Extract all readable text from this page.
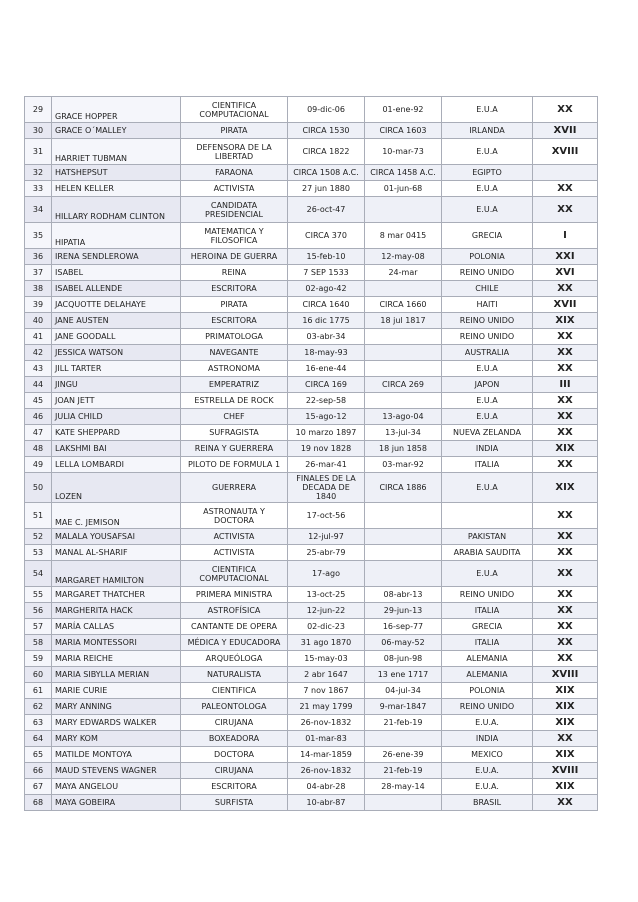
29	GRACE HOPPER	CIENTIFICA COMPUTACIONAL	09-dic-06	01-ene-92	E.U.A	XX
30	GRACE O´MALLEY	PIRATA	CIRCA 1530	CIRCA 1603	IRLANDA	XVII
31	HARRIET TUBMAN	DEFENSORA DE LA LIBERTAD	CIRCA 1822	10-mar-73	E.U.A	XVIII
32	HATSHEPSUT	FARAONA	CIRCA 1508 A.C.	CIRCA 1458 A.C.	EGIPTO	
33	HELEN KELLER	ACTIVISTA	27 jun 1880	01-jun-68	E.U.A	XX
34	HILLARY RODHAM CLINTON	CANDIDATA PRESIDENCIAL	26-oct-47		E.U.A	XX
35	HIPATIA	MATEMATICA Y FILOSOFICA	CIRCA 370	8 mar 0415	GRECIA	I
36	IRENA SENDLEROWA	HEROINA DE GUERRA	15-feb-10	12-may-08	POLONIA	XXI
37	ISABEL	REINA	7 SEP 1533	24-mar	REINO UNIDO	XVI
38	ISABEL ALLENDE	ESCRITORA	02-ago-42		CHILE	XX
39	JACQUOTTE DELAHAYE	PIRATA	CIRCA 1640	CIRCA 1660	HAITI	XVII
40	JANE AUSTEN	ESCRITORA	16 dic 1775	18 jul 1817	REINO UNIDO	XIX
41	JANE GOODALL	PRIMATOLOGA	03-abr-34		REINO UNIDO	XX
42	JESSICA WATSON	NAVEGANTE	18-may-93		AUSTRALIA	XX
43	JILL TARTER	ASTRONOMA	16-ene-44		E.U.A	XX
44	JINGU	EMPERATRIZ	CIRCA 169	CIRCA 269	JAPON	III
45	JOAN JETT	ESTRELLA DE ROCK	22-sep-58		E.U.A	XX
46	JULIA CHILD	CHEF	15-ago-12	13-ago-04	E.U.A	XX
47	KATE SHEPPARD	SUFRAGISTA	10 marzo 1897	13-jul-34	NUEVA ZELANDA	XX
48	LAKSHMI BAI	REINA Y GUERRERA	19 nov 1828	18 jun 1858	INDIA	XIX
49	LELLA LOMBARDI	PILOTO DE FORMULA 1	26-mar-41	03-mar-92	ITALIA	XX
50	LOZEN	GUERRERA	FINALES DE LA DECADA DE 1840	CIRCA 1886	E.U.A	XIX
51	MAE C. JEMISON	ASTRONAUTA Y DOCTORA	17-oct-56			XX
52	MALALA YOUSAFSAI	ACTIVISTA	12-jul-97		PAKISTAN	XX
53	MANAL AL-SHARIF	ACTIVISTA	25-abr-79		ARABIA SAUDITA	XX
54	MARGARET HAMILTON	CIENTIFICA COMPUTACIONAL	17-ago		E.U.A	XX
55	MARGARET THATCHER	PRIMERA MINISTRA	13-oct-25	08-abr-13	REINO UNIDO	XX
56	MARGHERITA HACK	ASTROFÍSICA	12-jun-22	29-jun-13	ITALIA	XX
57	MARÍA CALLAS	CANTANTE DE OPERA	02-dic-23	16-sep-77	GRECIA	XX
58	MARIA MONTESSORI	MÉDICA Y EDUCADORA	31 ago 1870	06-may-52	ITALIA	XX
59	MARIA REICHE	ARQUEÓLOGA	15-may-03	08-jun-98	ALEMANIA	XX
60	MARIA SIBYLLA MERIAN	NATURALISTA	2 abr 1647	13 ene 1717	ALEMANIA	XVIII
61	MARIE CURIE	CIENTIFICA	7 nov 1867	04-jul-34	POLONIA	XIX
62	MARY ANNING	PALEONTOLOGA	21 may 1799	9-mar-1847	REINO UNIDO	XIX
63	MARY EDWARDS WALKER	CIRUJANA	26-nov-1832	21-feb-19	E.U.A.	XIX
64	MARY KOM	BOXEADORA	01-mar-83		INDIA	XX
65	MATILDE MONTOYA	DOCTORA	14-mar-1859	26-ene-39	MEXICO	XIX
66	MAUD STEVENS WAGNER	CIRUJANA	26-nov-1832	21-feb-19	E.U.A.	XVIII
67	MAYA ANGELOU	ESCRITORA	04-abr-28	28-may-14	E.U.A.	XIX
68	MAYA GOBEIRA	SURFISTA	10-abr-87		BRASIL	XX
